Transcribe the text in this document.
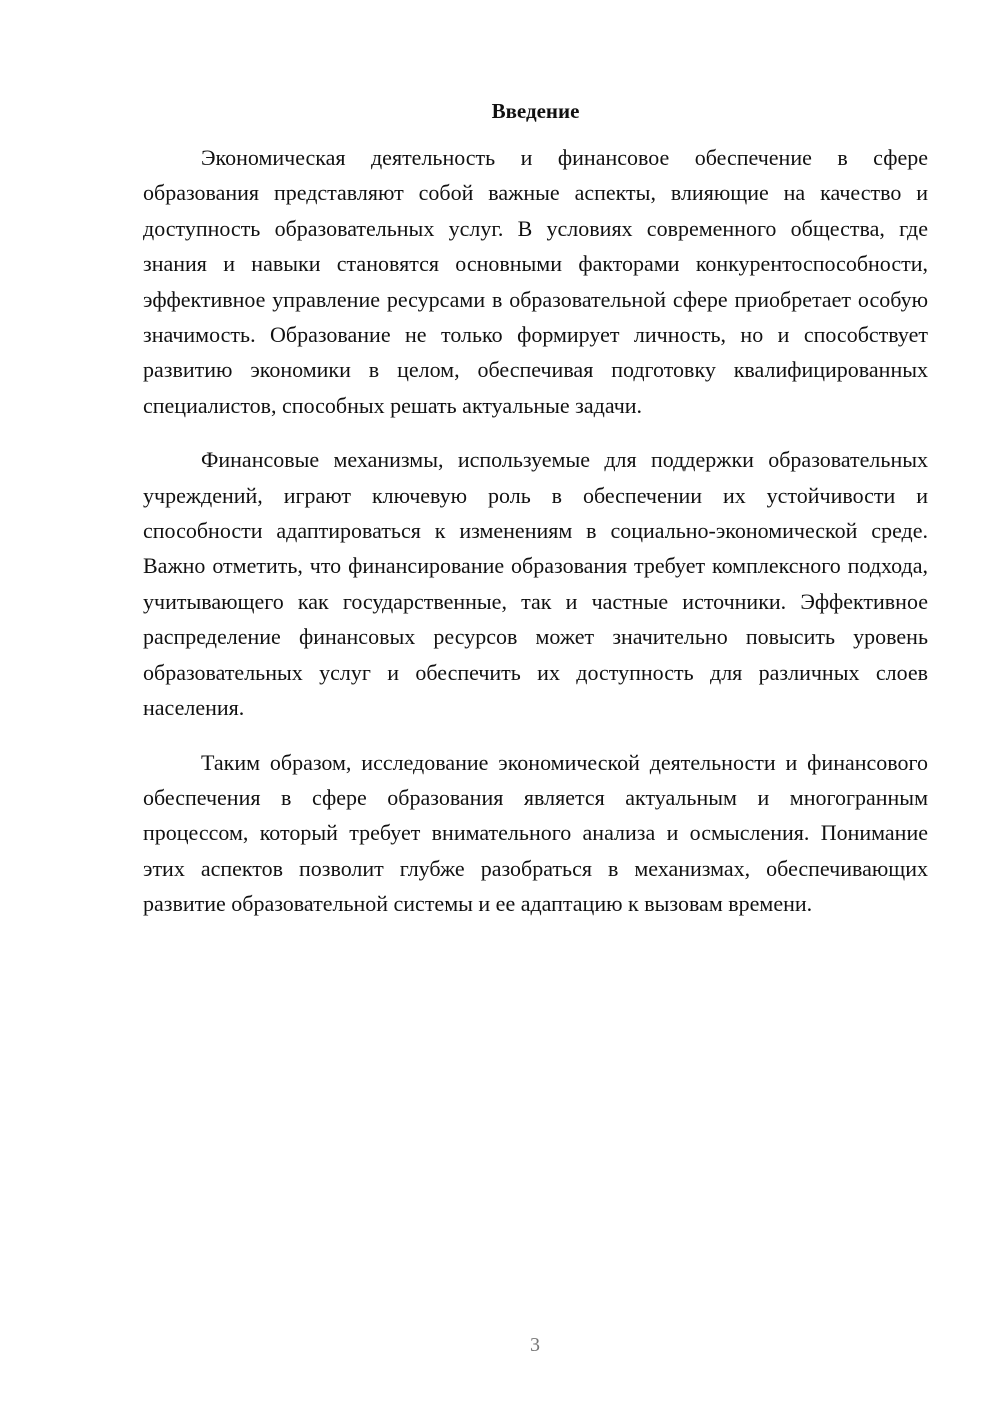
Введение

Экономическая деятельность и финансовое обеспечение в сфере образования представляют собой важные аспекты, влияющие на качество и доступность образовательных услуг. В условиях современного общества, где знания и навыки становятся основными факторами конкурентоспособности, эффективное управление ресурсами в образовательной сфере приобретает особую значимость. Образование не только формирует личность, но и способствует развитию экономики в целом, обеспечивая подготовку квалифицированных специалистов, способных решать актуальные задачи.

Финансовые механизмы, используемые для поддержки образовательных учреждений, играют ключевую роль в обеспечении их устойчивости и способности адаптироваться к изменениям в социально-экономической среде. Важно отметить, что финансирование образования требует комплексного подхода, учитывающего как государственные, так и частные источники. Эффективное распределение финансовых ресурсов может значительно повысить уровень образовательных услуг и обеспечить их доступность для различных слоев населения.

Таким образом, исследование экономической деятельности и финансового обеспечения в сфере образования является актуальным и многогранным процессом, который требует внимательного анализа и осмысления. Понимание этих аспектов позволит глубже разобраться в механизмах, обеспечивающих развитие образовательной системы и ее адаптацию к вызовам времени.

3
